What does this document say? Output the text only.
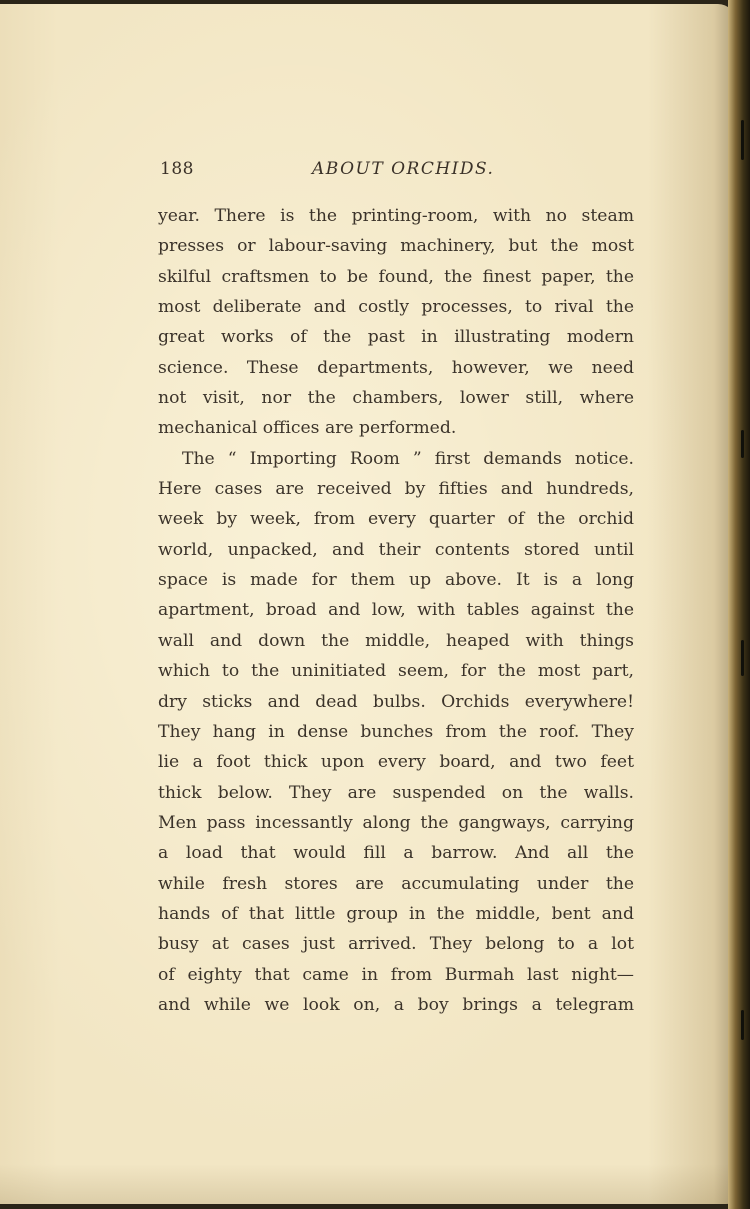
188	ABOUT ORCHIDS.
year. There is the printing-room, with no steam
presses or labour-saving machinery, but the most
skilful craftsmen to be found, the finest paper, the
most deliberate and costly processes, to rival the
great works of the past in illustrating modern
science. These departments, however, we need
not visit, nor the chambers, lower still, where
mechanical offices are performed.
The “ Importing Room ” first demands notice.
Here cases are received by fifties and hundreds,
week by week, from every quarter of the orchid
world, unpacked, and their contents stored until
space is made for them up above. It is a long
apartment, broad and low, with tables against the
wall and down the middle, heaped with things
which to the uninitiated seem, for the most part,
dry sticks and dead bulbs. Orchids everywhere!
They hang in dense bunches from the roof. They
lie a foot thick upon every board, and two feet
thick below. They are suspended on the walls.
Men pass incessantly along the gangways, carrying
a load that would fill a barrow. And all the
while fresh stores are accumulating under the
hands of that little group in the middle, bent and
busy at cases just arrived. They belong to a lot
of eighty that came in from Burmah last night—
and while we look on, a boy brings a telegram
